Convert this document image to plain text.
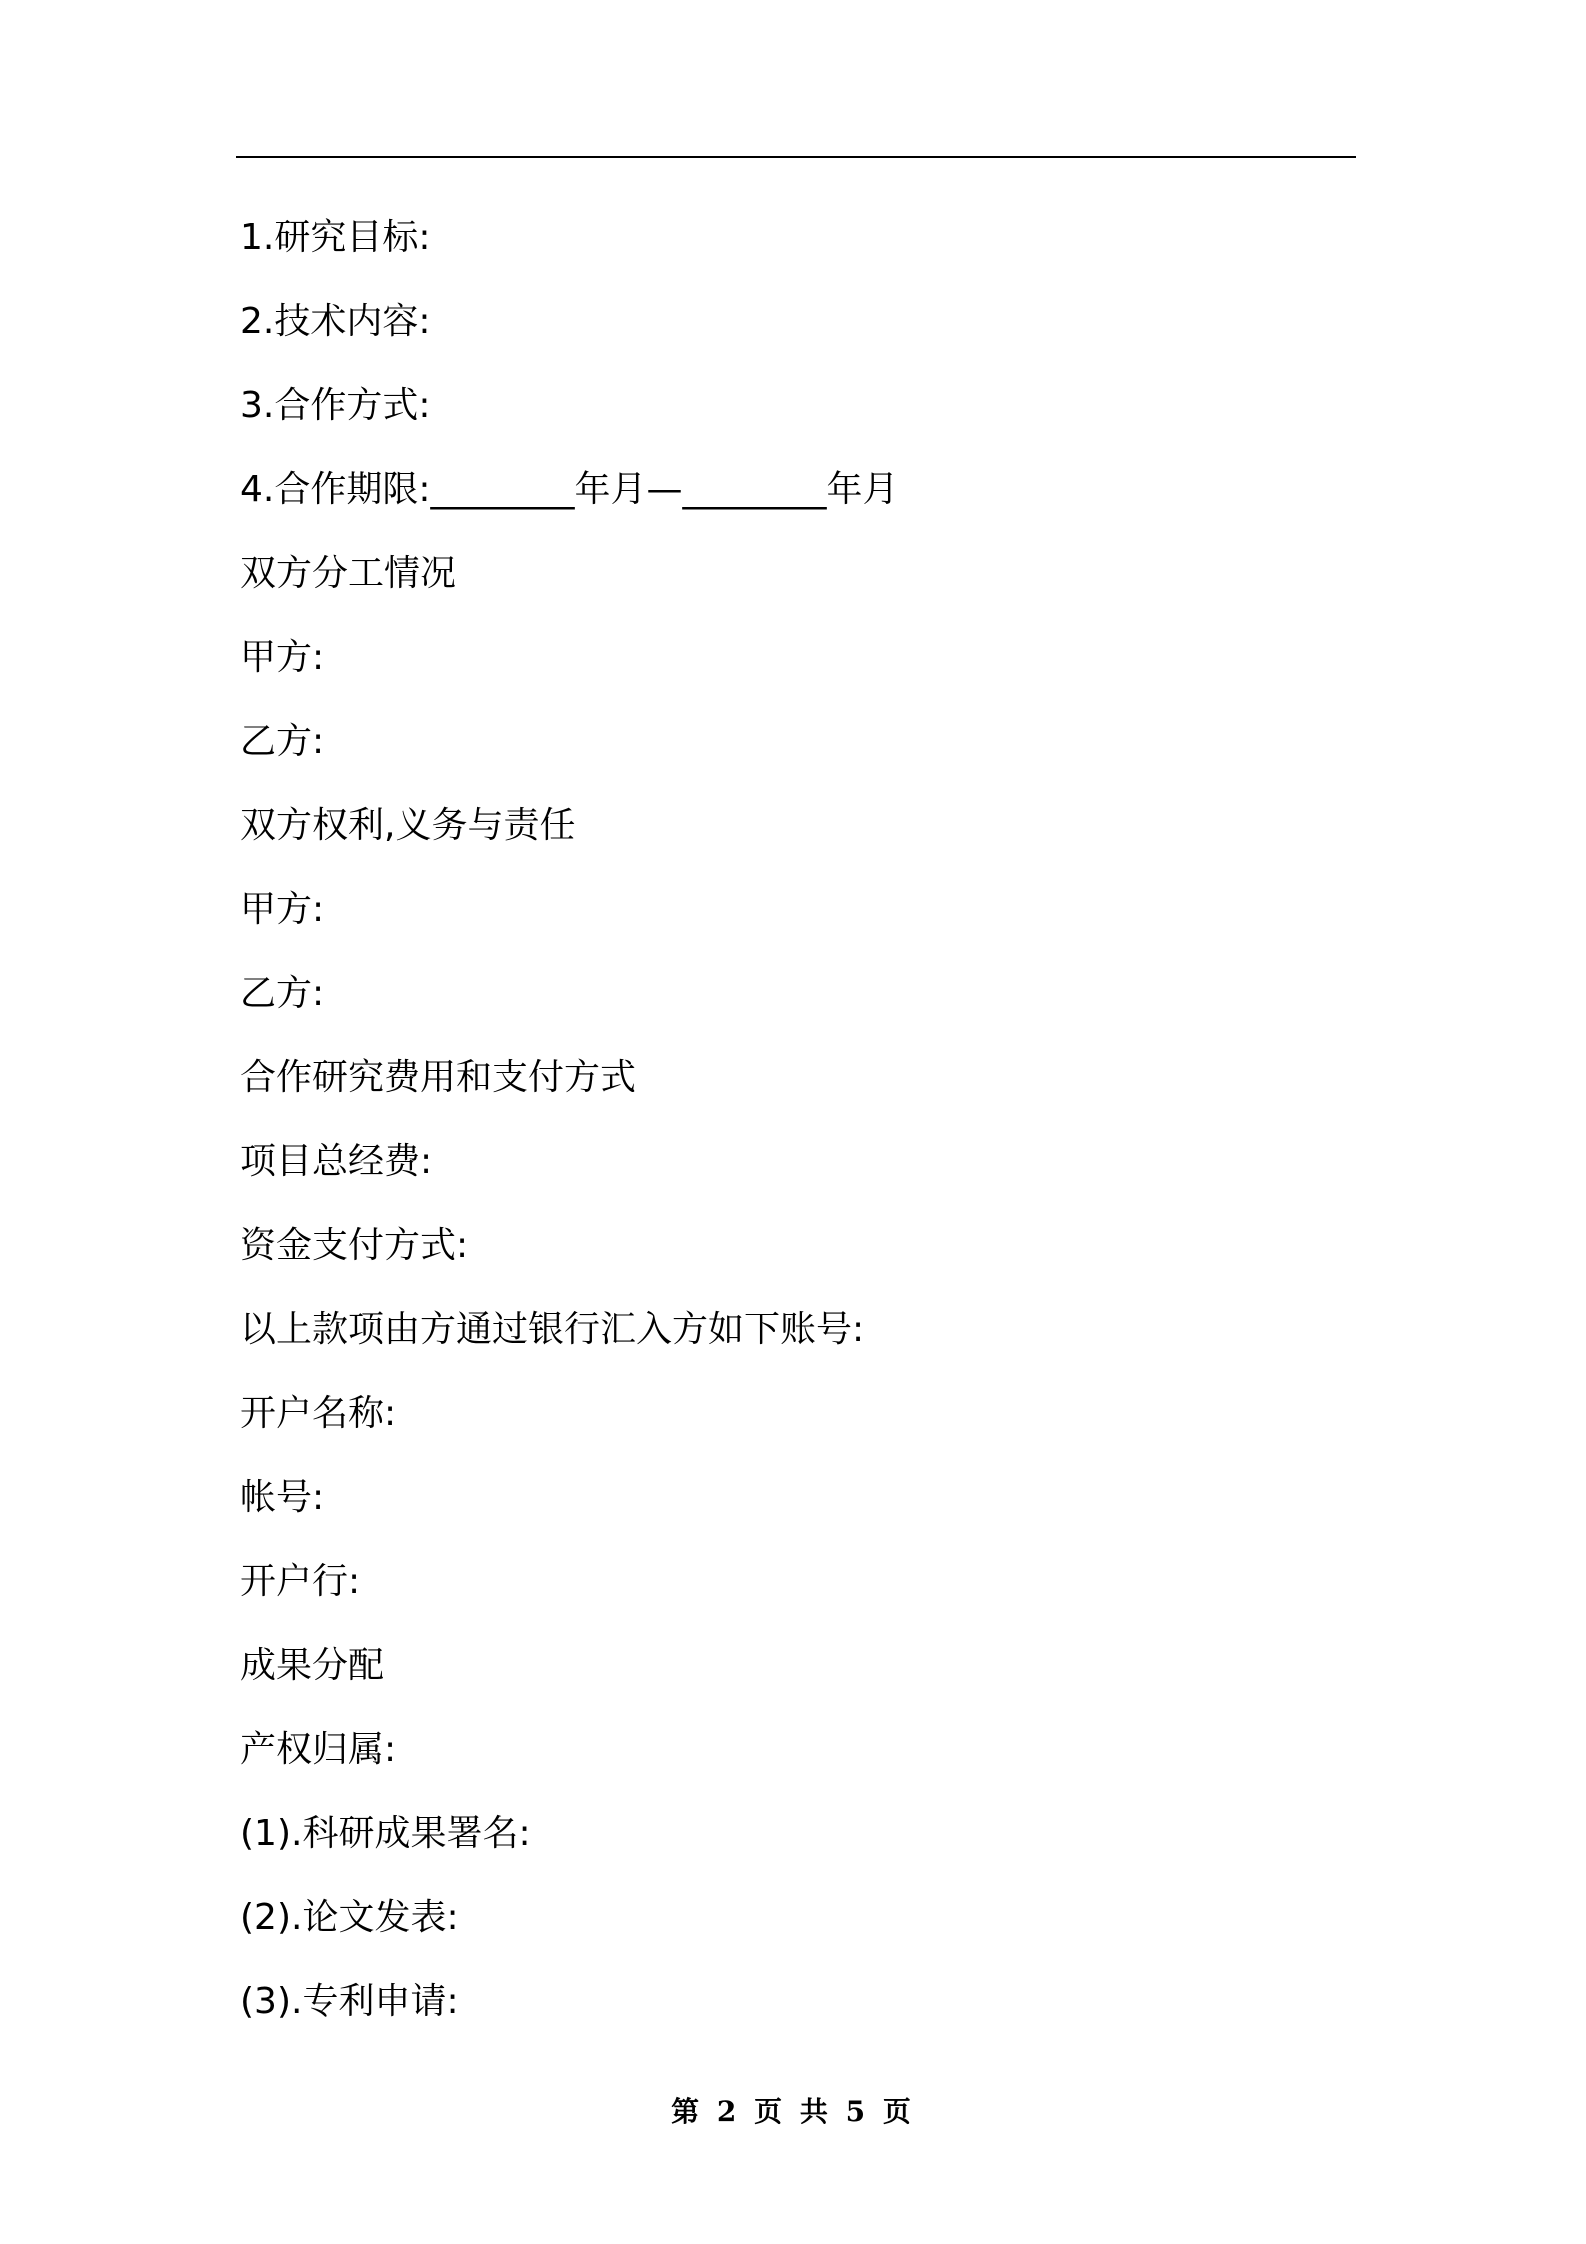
1.研究目标:
2.技术内容:
3.合作方式:
4.合作期限:________年月—________年月
双方分工情况
甲方:
乙方:
双方权利,义务与责任
甲方:
乙方:
合作研究费用和支付方式
项目总经费:
资金支付方式:
以上款项由方通过银行汇入方如下账号:
开户名称:
帐号:
开户行:
成果分配
产权归属:
(1).科研成果署名:
(2).论文发表:
(3).专利申请:
第 2 页 共 5 页
